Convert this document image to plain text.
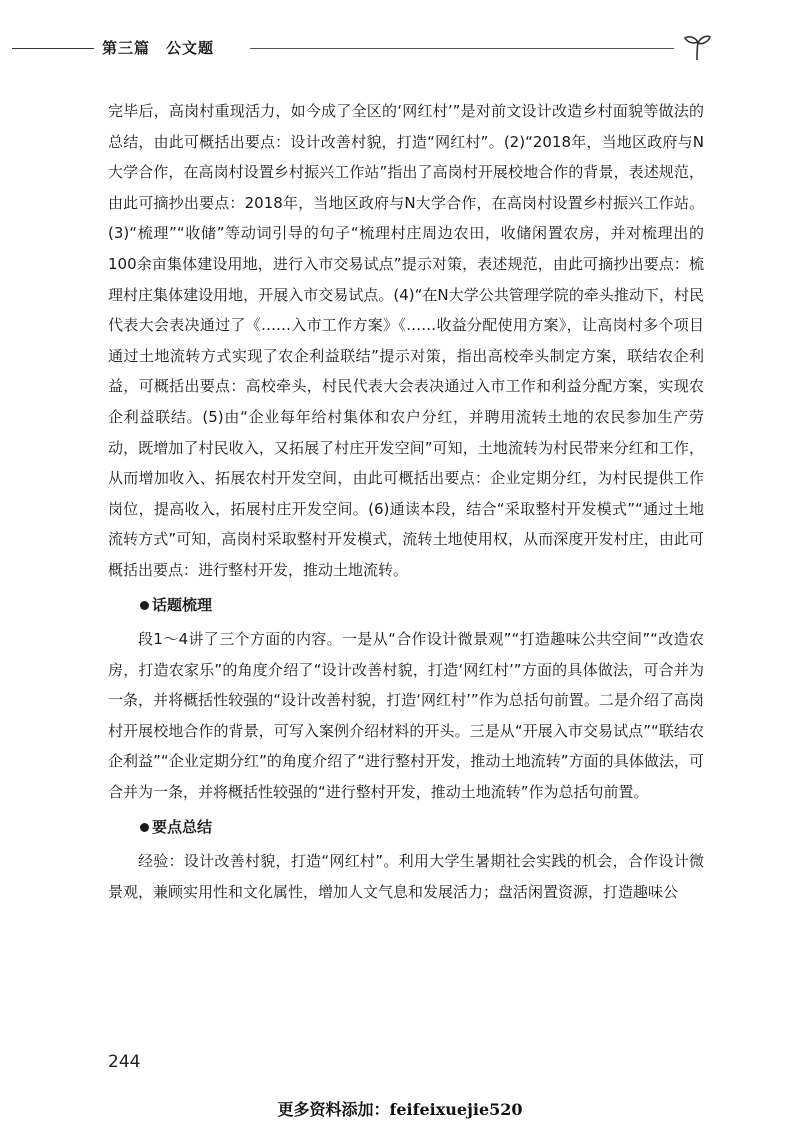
第三篇　公文题

完毕后，高岗村重现活力，如今成了全区的‘网红村’”是对前文设计改造乡村面貌等做法的总结，由此可概括出要点：设计改善村貌，打造“网红村”。(2)“2018年，当地区政府与N大学合作，在高岗村设置乡村振兴工作站”指出了高岗村开展校地合作的背景，表述规范，由此可摘抄出要点：2018年，当地区政府与N大学合作，在高岗村设置乡村振兴工作站。(3)“梳理”“收储”等动词引导的句子“梳理村庄周边农田，收储闲置农房，并对梳理出的100余亩集体建设用地，进行入市交易试点”提示对策，表述规范，由此可摘抄出要点：梳理村庄集体建设用地，开展入市交易试点。(4)“在N大学公共管理学院的牵头推动下，村民代表大会表决通过了《……入市工作方案》《……收益分配使用方案》，让高岗村多个项目通过土地流转方式实现了农企利益联结”提示对策，指出高校牵头制定方案，联结农企利益，可概括出要点：高校牵头，村民代表大会表决通过入市工作和利益分配方案，实现农企利益联结。(5)由“企业每年给村集体和农户分红，并聘用流转土地的农民参加生产劳动，既增加了村民收入，又拓展了村庄开发空间”可知，土地流转为村民带来分红和工作，从而增加收入、拓展农村开发空间，由此可概括出要点：企业定期分红，为村民提供工作岗位，提高收入，拓展村庄开发空间。(6)通读本段，结合“采取整村开发模式”“通过土地流转方式”可知，高岗村采取整村开发模式，流转土地使用权，从而深度开发村庄，由此可概括出要点：进行整村开发，推动土地流转。

话题梳理

段1～4讲了三个方面的内容。一是从“合作设计微景观”“打造趣味公共空间”“改造农房，打造农家乐”的角度介绍了“设计改善村貌，打造‘网红村’”方面的具体做法，可合并为一条，并将概括性较强的“设计改善村貌，打造‘网红村’”作为总括句前置。二是介绍了高岗村开展校地合作的背景，可写入案例介绍材料的开头。三是从“开展入市交易试点”“联结农企利益”“企业定期分红”的角度介绍了“进行整村开发，推动土地流转”方面的具体做法，可合并为一条，并将概括性较强的“进行整村开发，推动土地流转”作为总括句前置。

要点总结

经验：设计改善村貌，打造“网红村”。利用大学生暑期社会实践的机会，合作设计微景观，兼顾实用性和文化属性，增加人文气息和发展活力；盘活闲置资源，打造趣味公

244
更多资料添加：feifeixuejie520
